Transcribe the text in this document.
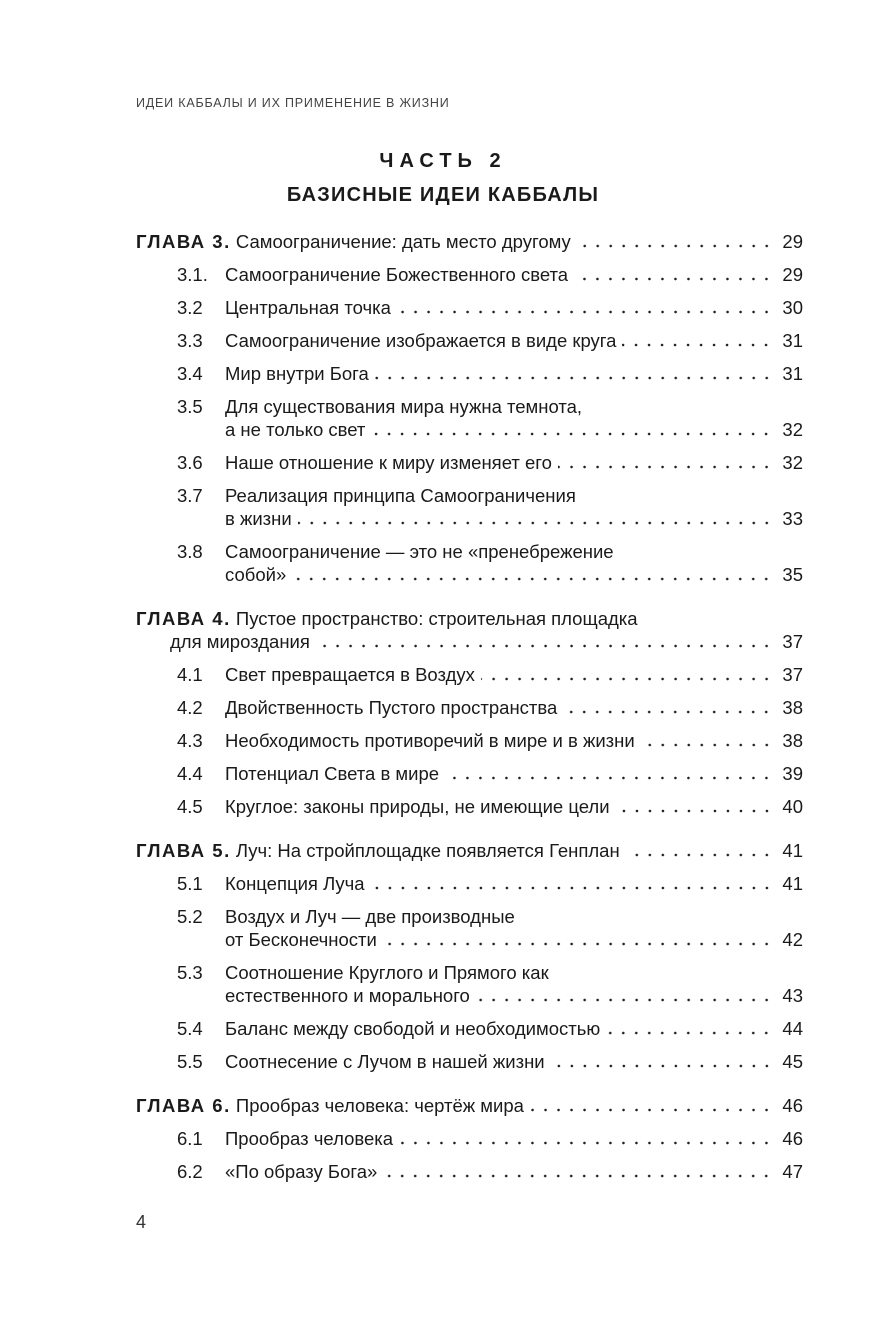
ИДЕИ КАББАЛЫ И ИХ ПРИМЕНЕНИЕ В ЖИЗНИ
ЧАСТЬ 2
БАЗИСНЫЕ ИДЕИ КАББАЛЫ
ГЛАВА 3. Самоограничение: дать место другому	29
3.1. Самоограничение Божественного света	29
3.2	Центральная точка	30
3.3	Самоограничение изображается в виде круга	31
3.4	Мир внутри Бога	31
3.5	Для существования мира нужна темнота,
а не только свет	32
3.6	Наше отношение к миру изменяет его	32
3.7	Реализация принципа Самоограничения
в жизни	33
3.8	Самоограничение — это не «пренебрежение
собой»	35
ГЛАВА 4. Пустое пространство: строительная площадка
для мироздания	37
4.1	Свет превращается в Воздух	37
4.2	Двойственность Пустого пространства	38
4.3	Необходимость противоречий в мире и в жизни	38
4.4	Потенциал Света в мире	39
4.5	Круглое: законы природы, не имеющие цели	40
ГЛАВА 5. Луч: На стройплощадке появляется Генплан	41
5.1	Концепция Луча	41
5.2	Воздух и Луч — две производные
от Бесконечности	42
5.3	Соотношение Круглого и Прямого как
естественного и морального	43
5.4	Баланс между свободой и необходимостью	44
5.5	Соотнесение с Лучом в нашей жизни	45
ГЛАВА 6. Прообраз человека: чертёж мира	46
6.1	Прообраз человека	46
6.2	«По образу Бога»	47
4
